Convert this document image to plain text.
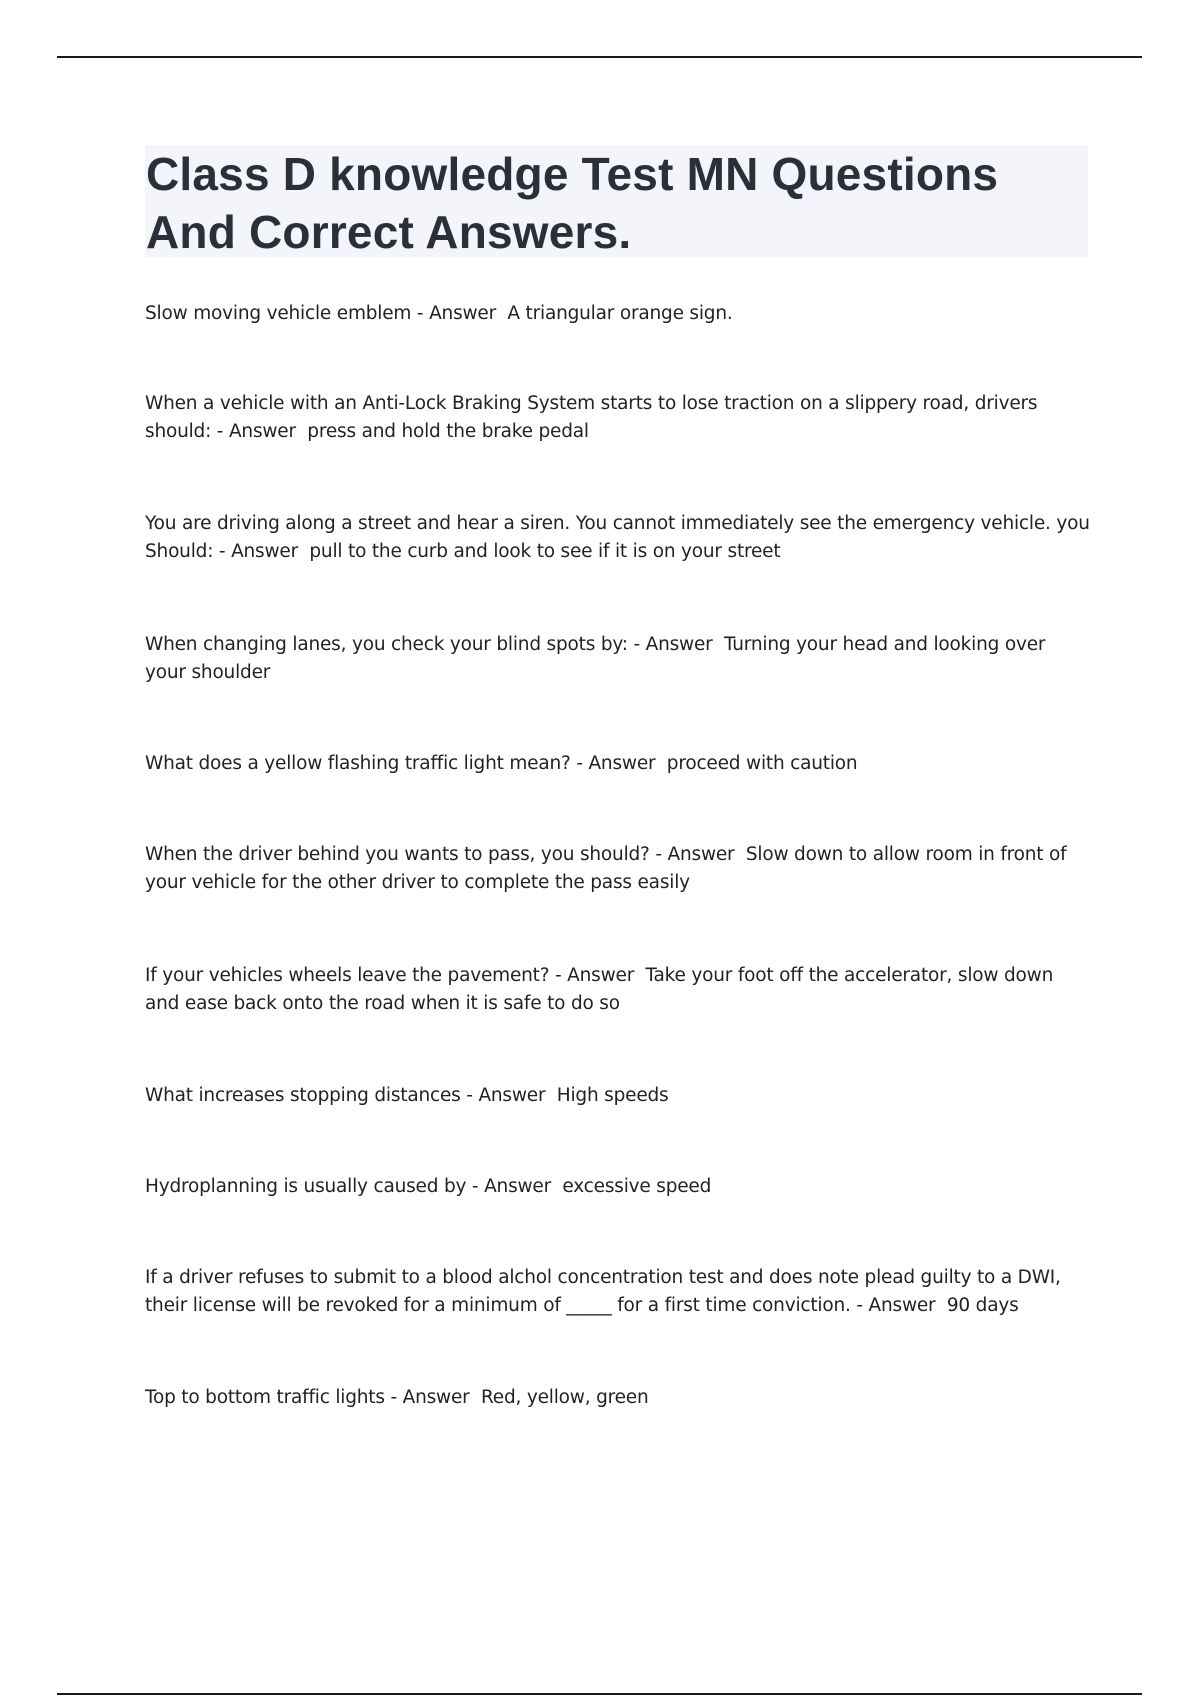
Class D knowledge Test MN Questions
And Correct Answers.

Slow moving vehicle emblem - Answer  A triangular orange sign.

When a vehicle with an Anti-Lock Braking System starts to lose traction on a slippery road, drivers should: - Answer  press and hold the brake pedal

You are driving along a street and hear a siren. You cannot immediately see the emergency vehicle. you Should: - Answer  pull to the curb and look to see if it is on your street

When changing lanes, you check your blind spots by: - Answer  Turning your head and looking over your shoulder

What does a yellow flashing traffic light mean? - Answer  proceed with caution

When the driver behind you wants to pass, you should? - Answer  Slow down to allow room in front of your vehicle for the other driver to complete the pass easily

If your vehicles wheels leave the pavement? - Answer  Take your foot off the accelerator, slow down and ease back onto the road when it is safe to do so

What increases stopping distances - Answer  High speeds

Hydroplanning is usually caused by - Answer  excessive speed

If a driver refuses to submit to a blood alchol concentration test and does note plead guilty to a DWI, their license will be revoked for a minimum of _____ for a first time conviction. - Answer  90 days

Top to bottom traffic lights - Answer  Red, yellow, green
